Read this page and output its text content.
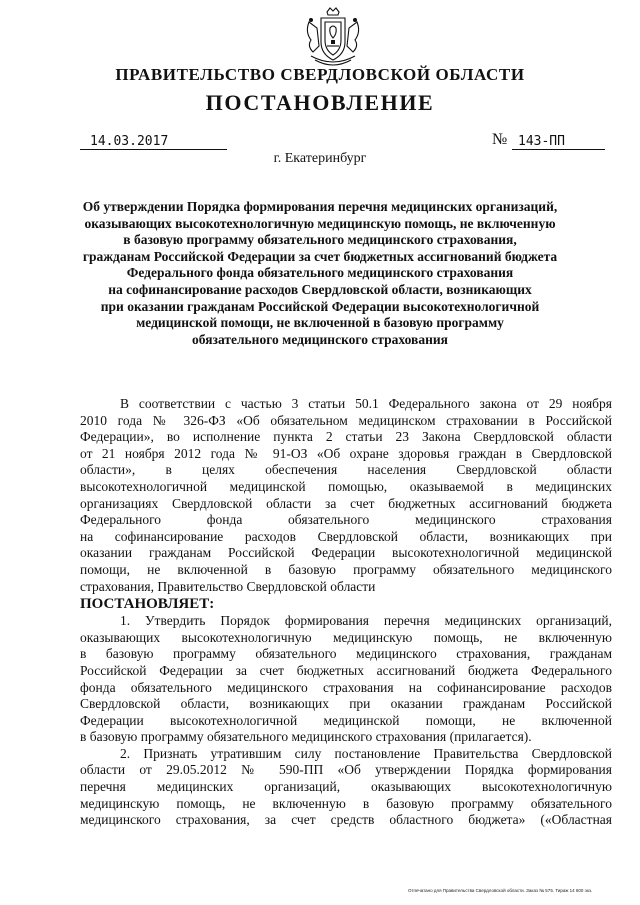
ПРАВИТЕЛЬСТВО СВЕРДЛОВСКОЙ ОБЛАСТИ
ПОСТАНОВЛЕНИЕ
14.03.2017	№ 143-ПП
г. Екатеринбург
Об утверждении Порядка формирования перечня медицинских организаций,
оказывающих высокотехнологичную медицинскую помощь, не включенную
в базовую программу обязательного медицинского страхования,
гражданам Российской Федерации за счет бюджетных ассигнований бюджета
Федерального фонда обязательного медицинского страхования
на софинансирование расходов Свердловской области, возникающих
при оказании гражданам Российской Федерации высокотехнологичной
медицинской помощи, не включенной в базовую программу
обязательного медицинского страхования
В соответствии с частью 3 статьи 50.1 Федерального закона от 29 ноября
2010 года № 326-ФЗ «Об обязательном медицинском страховании в Российской
Федерации», во исполнение пункта 2 статьи 23 Закона Свердловской области
от 21 ноября 2012 года № 91-ОЗ «Об охране здоровья граждан в Свердловской
области», в целях обеспечения населения Свердловской области
высокотехнологичной медицинской помощью, оказываемой в медицинских
организациях Свердловской области за счет бюджетных ассигнований бюджета
Федерального фонда обязательного медицинского страхования
на софинансирование расходов Свердловской области, возникающих при
оказании гражданам Российской Федерации высокотехнологичной медицинской
помощи, не включенной в базовую программу обязательного медицинского
страхования, Правительство Свердловской области
ПОСТАНОВЛЯЕТ:
1. Утвердить Порядок формирования перечня медицинских организаций,
оказывающих высокотехнологичную медицинскую помощь, не включенную
в базовую программу обязательного медицинского страхования, гражданам
Российской Федерации за счет бюджетных ассигнований бюджета Федерального
фонда обязательного медицинского страхования на софинансирование расходов
Свердловской области, возникающих при оказании гражданам Российской
Федерации высокотехнологичной медицинской помощи, не включенной
в базовую программу обязательного медицинского страхования (прилагается).
2. Признать утратившим силу постановление Правительства Свердловской
области от 29.05.2012 № 590-ПП «Об утверждении Порядка формирования
перечня медицинских организаций, оказывающих высокотехнологичную
медицинскую помощь, не включенную в базовую программу обязательного
медицинского страхования, за счет средств областного бюджета» («Областная
Отпечатано для Правительства Свердловской области. Заказ № 575. Тираж 14 600 экз.
